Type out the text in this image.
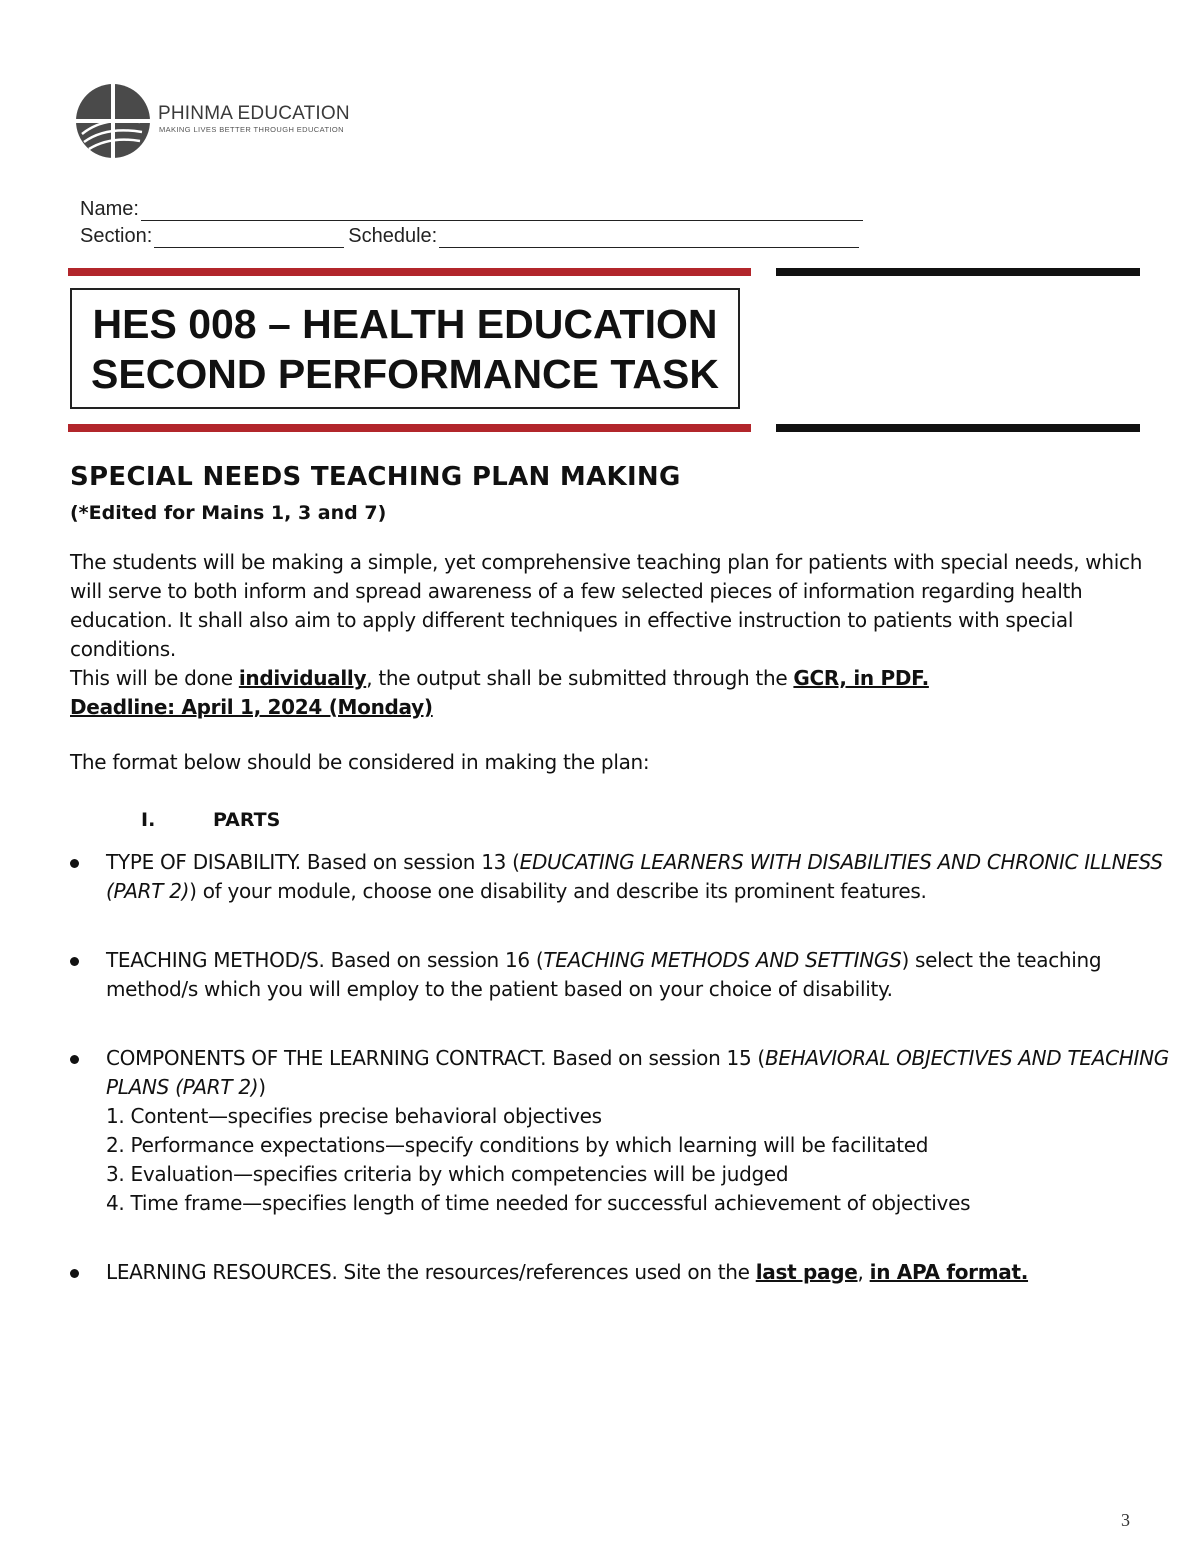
PHINMA EDUCATION
MAKING LIVES BETTER THROUGH EDUCATION
Name:
Section:	Schedule:
HES 008 – HEALTH EDUCATION
SECOND PERFORMANCE TASK
SPECIAL NEEDS TEACHING PLAN MAKING
(*Edited for Mains 1, 3 and 7)

The students will be making a simple, yet comprehensive teaching plan for patients with special needs, which will serve to both inform and spread awareness of a few selected pieces of information regarding health education. It shall also aim to apply different techniques in effective instruction to patients with special conditions.

This will be done individually, the output shall be submitted through the GCR, in PDF.

Deadline: April 1, 2024 (Monday)

The format below should be considered in making the plan:
I.	PARTS
TYPE OF DISABILITY. Based on session 13 (EDUCATING LEARNERS WITH DISABILITIES AND CHRONIC ILLNESS (PART 2)) of your module, choose one disability and describe its prominent features.
TEACHING METHOD/S. Based on session 16 (TEACHING METHODS AND SETTINGS) select the teaching method/s which you will employ to the patient based on your choice of disability.
COMPONENTS OF THE LEARNING CONTRACT. Based on session 15 (BEHAVIORAL OBJECTIVES AND TEACHING PLANS (PART 2))
1. Content—specifies precise behavioral objectives
2. Performance expectations—specify conditions by which learning will be facilitated
3. Evaluation—specifies criteria by which competencies will be judged
4. Time frame—specifies length of time needed for successful achievement of objectives
LEARNING RESOURCES. Site the resources/references used on the last page, in APA format.
3
